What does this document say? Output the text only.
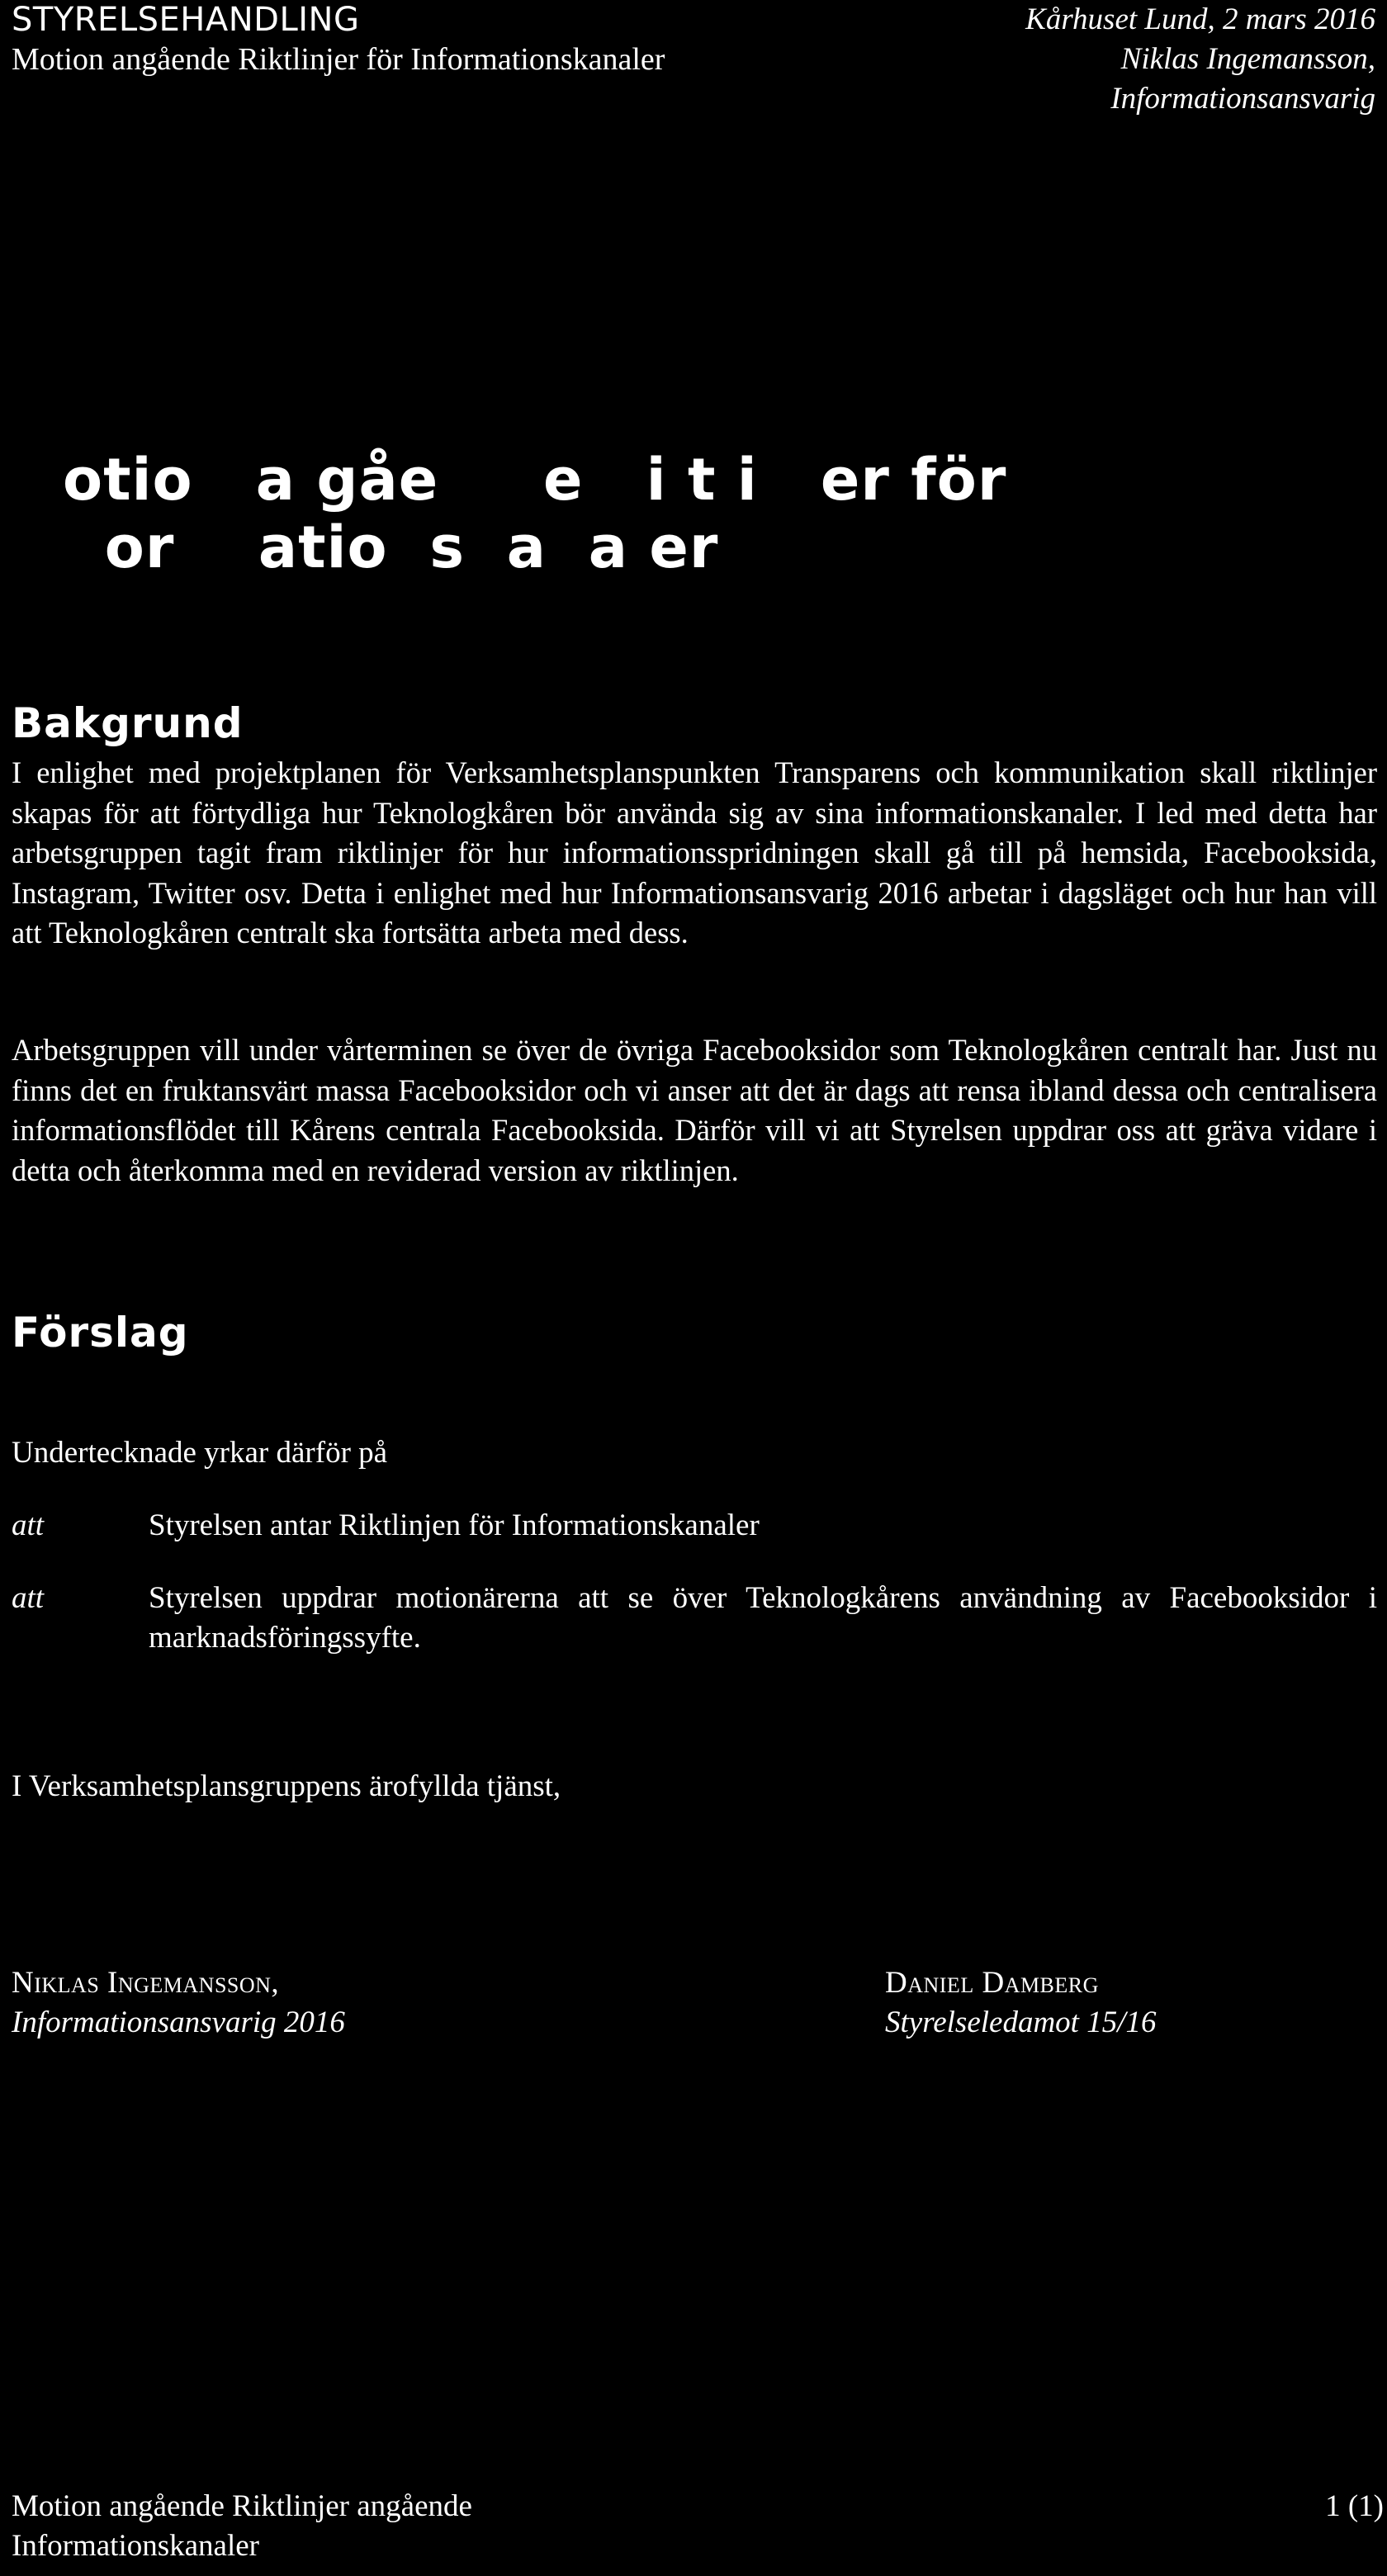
STYRELSEHANDLING
Motion angående Riktlinjer för Informationskanaler
Kårhuset Lund, 2 mars 2016
Niklas Ingemansson,
Informationsansvarig
otio   a gåe     e   i t i   er för
or    atio  s  a  a er
Bakgrund
I enlighet med projektplanen för Verksamhetsplanspunkten Transparens och kommunikation skall riktlinjer skapas för att förtydliga hur Teknologkåren bör använda sig av sina informationskanaler. I led med detta har arbetsgruppen tagit fram riktlinjer för hur informationsspridningen skall gå till på hemsida, Facebooksida, Instagram, Twitter osv. Detta i enlighet med hur Informationsansvarig 2016 arbetar i dagsläget och hur han vill att Teknologkåren centralt ska fortsätta arbeta med dess.
Arbetsgruppen vill under vårterminen se över de övriga Facebooksidor som Teknologkåren centralt har. Just nu finns det en fruktansvärt massa Facebooksidor och vi anser att det är dags att rensa ibland dessa och centralisera informationsflödet till Kårens centrala Facebooksida. Därför vill vi att Styrelsen uppdrar oss att gräva vidare i detta och återkomma med en reviderad version av riktlinjen.
Förslag
Undertecknade yrkar därför på
att	Styrelsen antar Riktlinjen för Informationskanaler
att	Styrelsen uppdrar motionärerna att se över Teknologkårens användning av Facebooksidor i marknadsföringssyfte.
I Verksamhetsplansgruppens ärofyllda tjänst,
Niklas Ingemansson,
Informationsansvarig 2016
Daniel Damberg
Styrelseledamot 15/16
Motion angående Riktlinjer angående Informationskanaler
1 (1)
